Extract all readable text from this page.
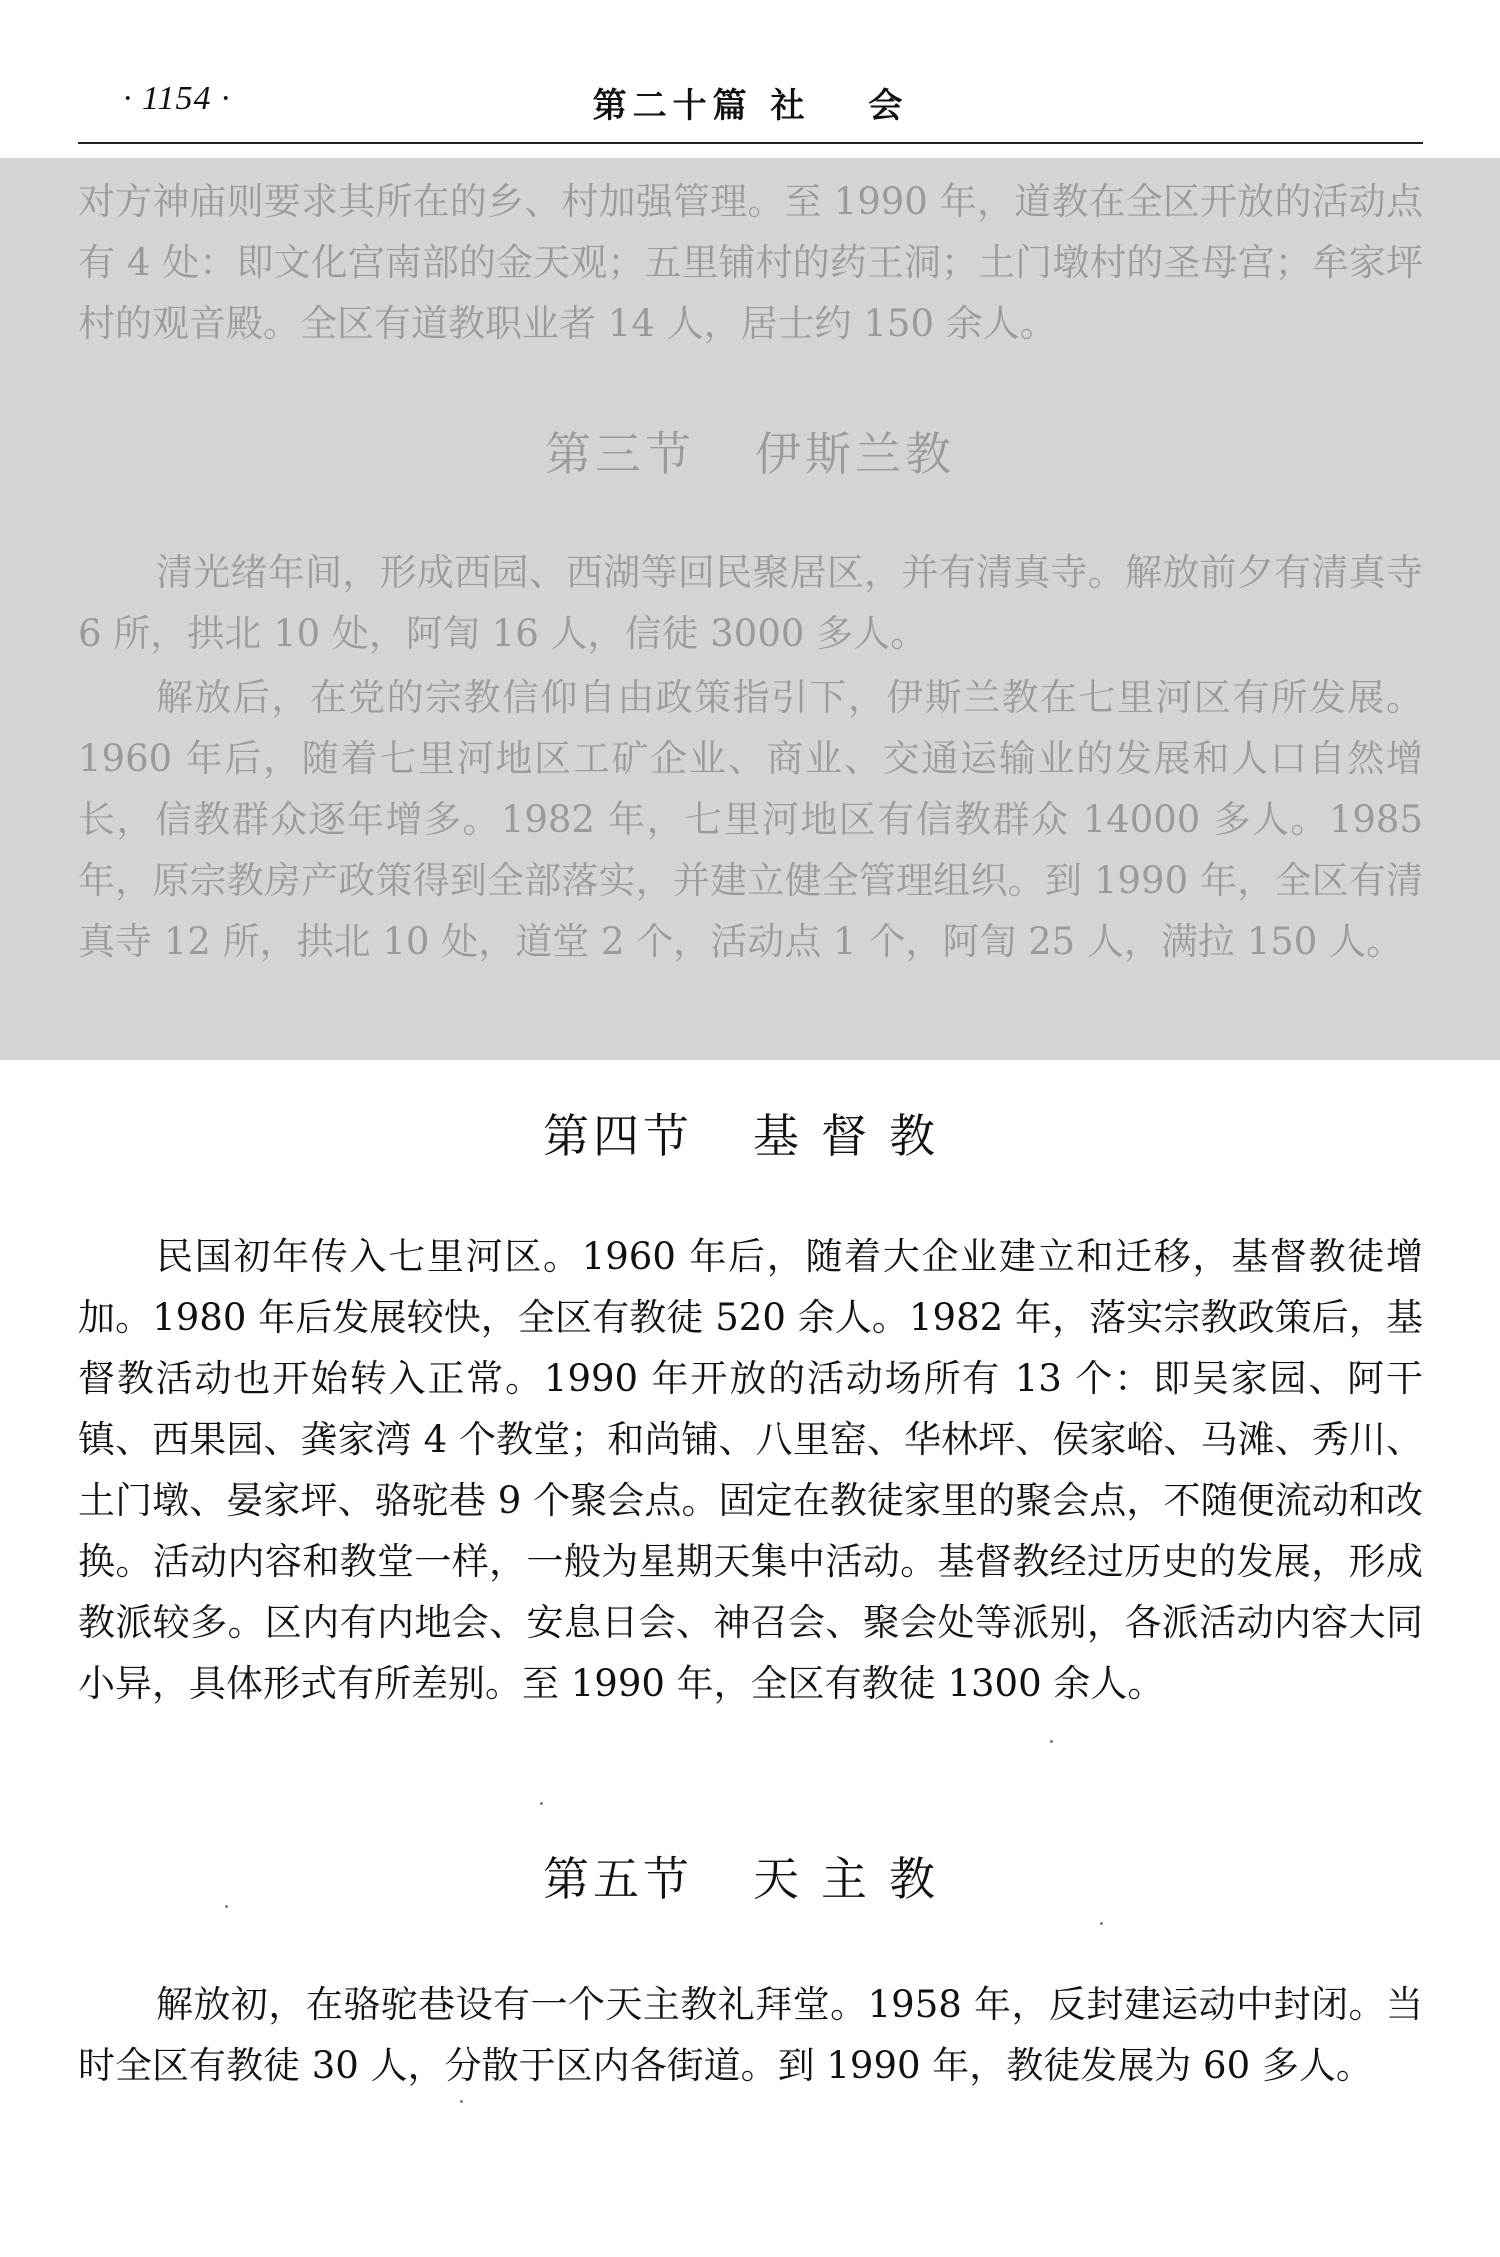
· 1154 ·	第二十篇 社　 会
对方神庙则要求其所在的乡、村加强管理。至 1990 年，道教在全区开放的活动点有 4 处：即文化宫南部的金天观；五里铺村的药王洞；土门墩村的圣母宫；牟家坪村的观音殿。全区有道教职业者 14 人，居士约 150 余人。
第三节 伊斯兰教
清光绪年间，形成西园、西湖等回民聚居区，并有清真寺。解放前夕有清真寺 6 所，拱北 10 处，阿訇 16 人，信徒 3000 多人。
解放后，在党的宗教信仰自由政策指引下，伊斯兰教在七里河区有所发展。1960 年后，随着七里河地区工矿企业、商业、交通运输业的发展和人口自然增长，信教群众逐年增多。1982 年，七里河地区有信教群众 14000 多人。1985 年，原宗教房产政策得到全部落实，并建立健全管理组织。到 1990 年，全区有清真寺 12 所，拱北 10 处，道堂 2 个，活动点 1 个，阿訇 25 人，满拉 150 人。
第四节 基督教
民国初年传入七里河区。1960 年后，随着大企业建立和迁移，基督教徒增加。1980 年后发展较快，全区有教徒 520 余人。1982 年，落实宗教政策后，基督教活动也开始转入正常。1990 年开放的活动场所有 13 个：即吴家园、阿干镇、西果园、龚家湾 4 个教堂；和尚铺、八里窑、华林坪、侯家峪、马滩、秀川、土门墩、晏家坪、骆驼巷 9 个聚会点。固定在教徒家里的聚会点，不随便流动和改换。活动内容和教堂一样，一般为星期天集中活动。基督教经过历史的发展，形成教派较多。区内有内地会、安息日会、神召会、聚会处等派别，各派活动内容大同小异，具体形式有所差别。至 1990 年，全区有教徒 1300 余人。
第五节 天主教
解放初，在骆驼巷设有一个天主教礼拜堂。1958 年，反封建运动中封闭。当时全区有教徒 30 人，分散于区内各街道。到 1990 年，教徒发展为 60 多人。
